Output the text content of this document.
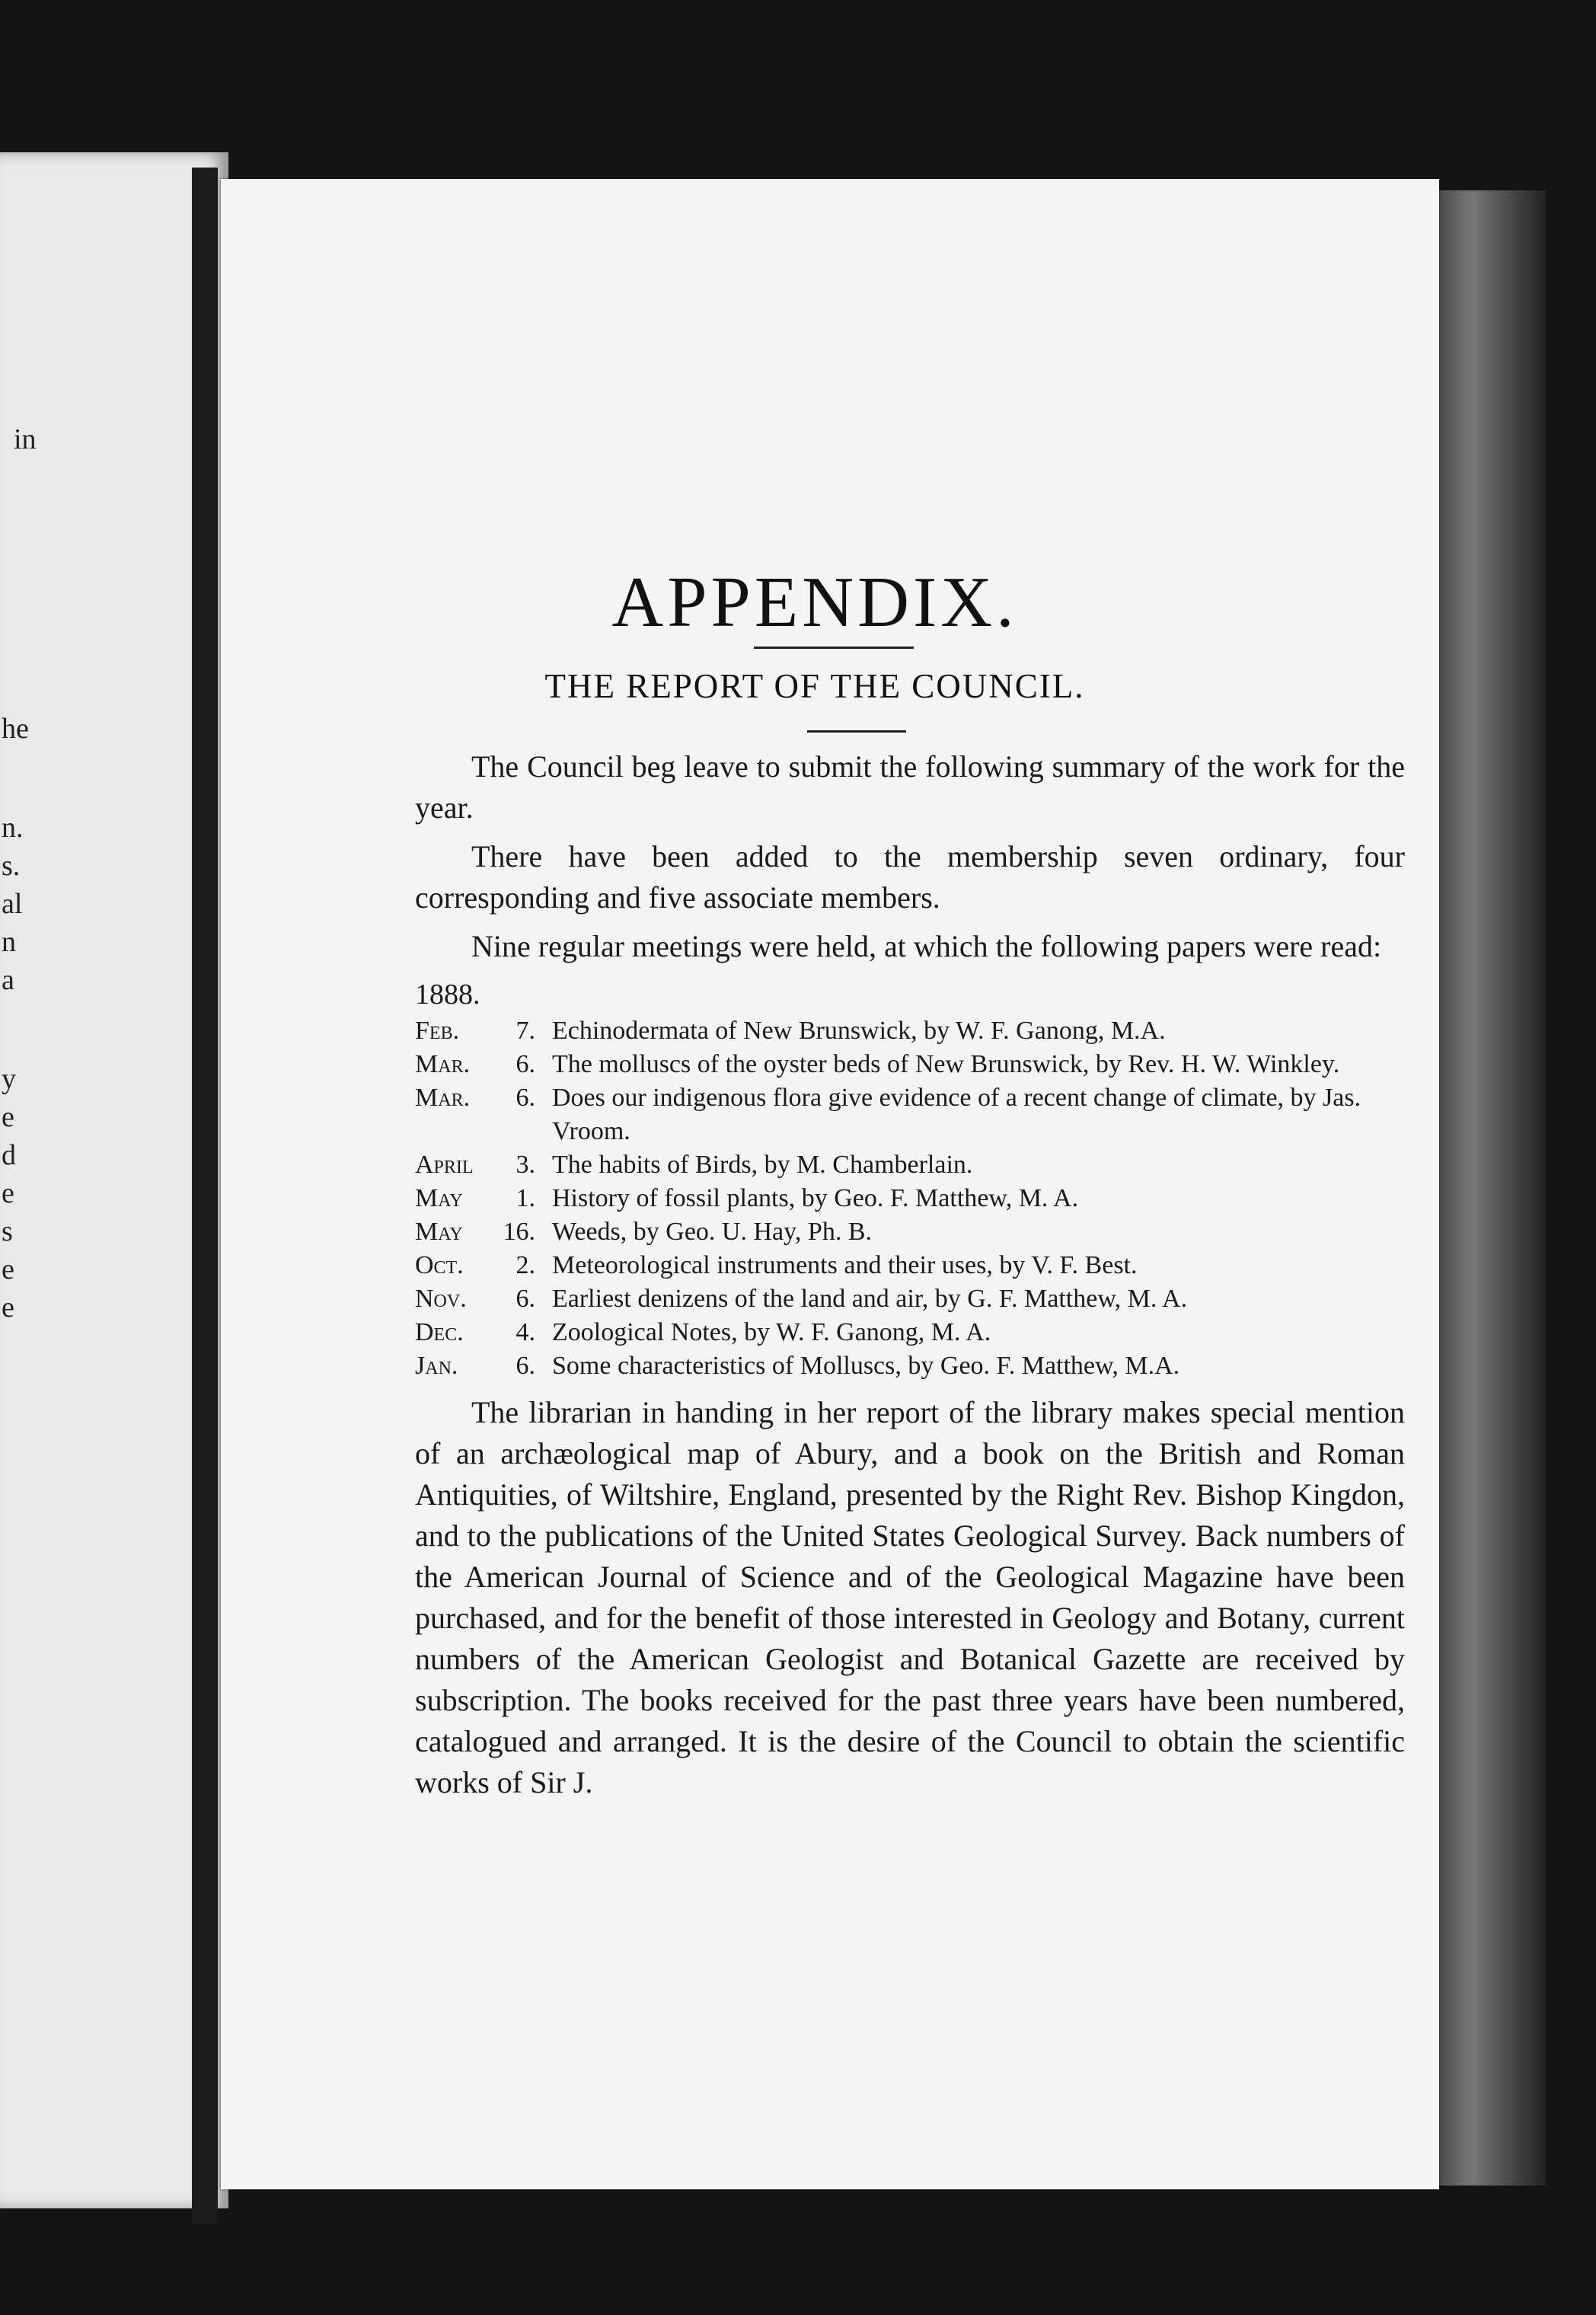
in
he
n.
s.
al
n
a
y
e
d
e
s
e
e
APPENDIX.
THE REPORT OF THE COUNCIL.

The Council beg leave to submit the following summary of the work for the year.

There have been added to the membership seven ordinary, four corresponding and five associate members.

Nine regular meetings were held, at which the following papers were read:

1888.

Feb.	7. Echinodermata of New Brunswick, by W. F. Ganong, M.A.
Mar.	6. The molluscs of the oyster beds of New Brunswick, by Rev. H. W. Winkley.
Mar.	6. Does our indigenous flora give evidence of a recent change of climate, by Jas. Vroom.
April	3. The habits of Birds, by M. Chamberlain.
May	1. History of fossil plants, by Geo. F. Matthew, M. A.
May	16. Weeds, by Geo. U. Hay, Ph. B.
Oct.	2. Meteorological instruments and their uses, by V. F. Best.
Nov.	6. Earliest denizens of the land and air, by G. F. Matthew, M. A.
Dec.	4. Zoological Notes, by W. F. Ganong, M. A.
Jan.	6. Some characteristics of Molluscs, by Geo. F. Matthew, M.A.

The librarian in handing in her report of the library makes special mention of an archæological map of Abury, and a book on the British and Roman Antiquities, of Wiltshire, England, presented by the Right Rev. Bishop Kingdon, and to the publications of the United States Geological Survey. Back numbers of the American Journal of Science and of the Geological Magazine have been purchased, and for the benefit of those interested in Geology and Botany, current numbers of the American Geologist and Botanical Gazette are received by subscription. The books received for the past three years have been numbered, catalogued and arranged. It is the desire of the Council to obtain the scientific works of Sir J.
